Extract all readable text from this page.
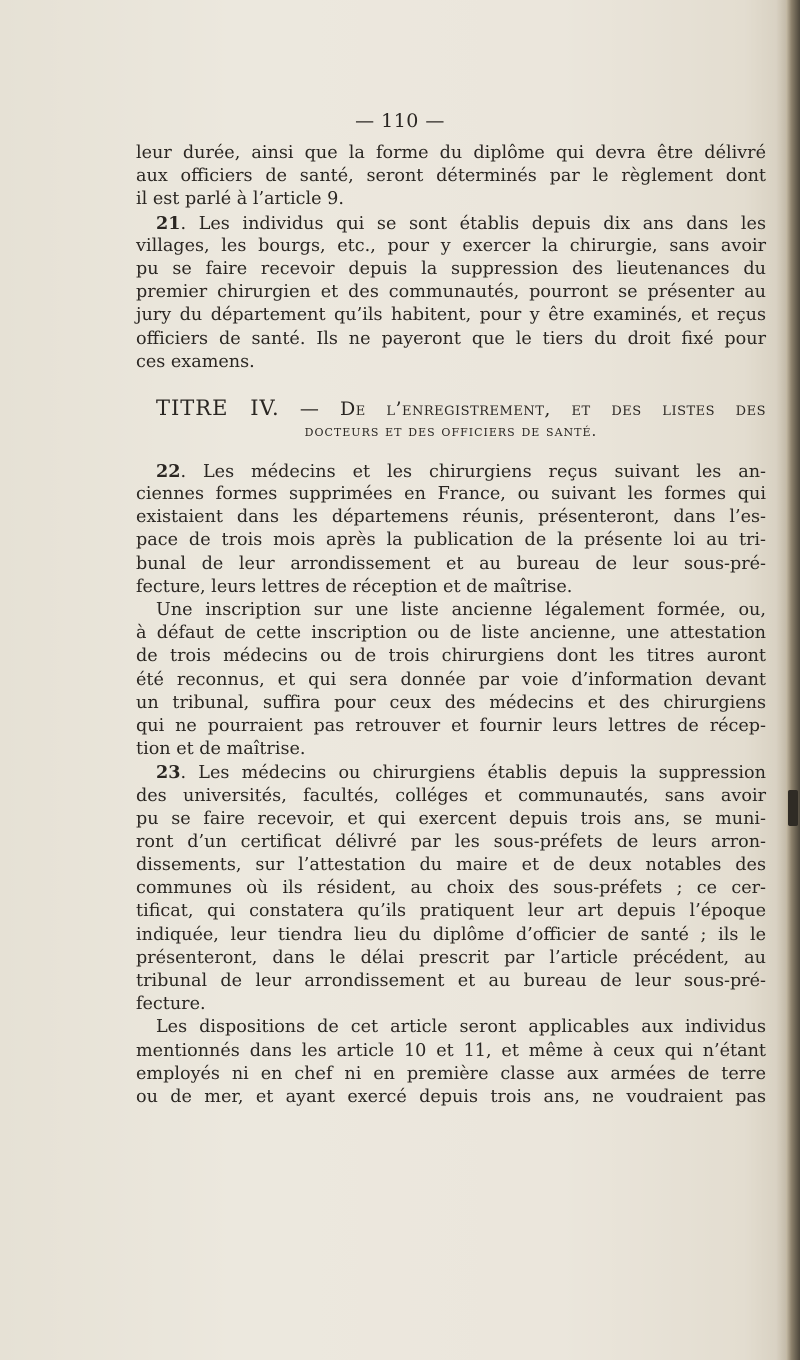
— 110 —
leur durée, ainsi que la forme du diplôme qui devra être délivré
aux officiers de santé, seront déterminés par le règlement dont
il est parlé à l’article 9.
21. Les individus qui se sont établis depuis dix ans dans les
villages, les bourgs, etc., pour y exercer la chirurgie, sans avoir
pu se faire recevoir depuis la suppression des lieutenances du
premier chirurgien et des communautés, pourront se présenter au
jury du département qu’ils habitent, pour y être examinés, et reçus
officiers de santé. Ils ne payeront que le tiers du droit fixé pour
ces examens.
TITRE IV. — De l’enregistrement, et des listes des
docteurs et des officiers de santé.
22. Les médecins et les chirurgiens reçus suivant les an-
ciennes formes supprimées en France, ou suivant les formes qui
existaient dans les départemens réunis, présenteront, dans l’es-
pace de trois mois après la publication de la présente loi au tri-
bunal de leur arrondissement et au bureau de leur sous-pré-
fecture, leurs lettres de réception et de maîtrise.
Une inscription sur une liste ancienne légalement formée, ou,
à défaut de cette inscription ou de liste ancienne, une attestation
de trois médecins ou de trois chirurgiens dont les titres auront
été reconnus, et qui sera donnée par voie d’information devant
un tribunal, suffira pour ceux des médecins et des chirurgiens
qui ne pourraient pas retrouver et fournir leurs lettres de récep-
tion et de maîtrise.
23. Les médecins ou chirurgiens établis depuis la suppression
des universités, facultés, colléges et communautés, sans avoir
pu se faire recevoir, et qui exercent depuis trois ans, se muni-
ront d’un certificat délivré par les sous-préfets de leurs arron-
dissements, sur l’attestation du maire et de deux notables des
communes où ils résident, au choix des sous-préfets ; ce cer-
tificat, qui constatera qu’ils pratiquent leur art depuis l’époque
indiquée, leur tiendra lieu du diplôme d’officier de santé ; ils le
présenteront, dans le délai prescrit par l’article précédent, au
tribunal de leur arrondissement et au bureau de leur sous-pré-
fecture.
Les dispositions de cet article seront applicables aux individus
mentionnés dans les article 10 et 11, et même à ceux qui n’étant
employés ni en chef ni en première classe aux armées de terre
ou de mer, et ayant exercé depuis trois ans, ne voudraient pas
